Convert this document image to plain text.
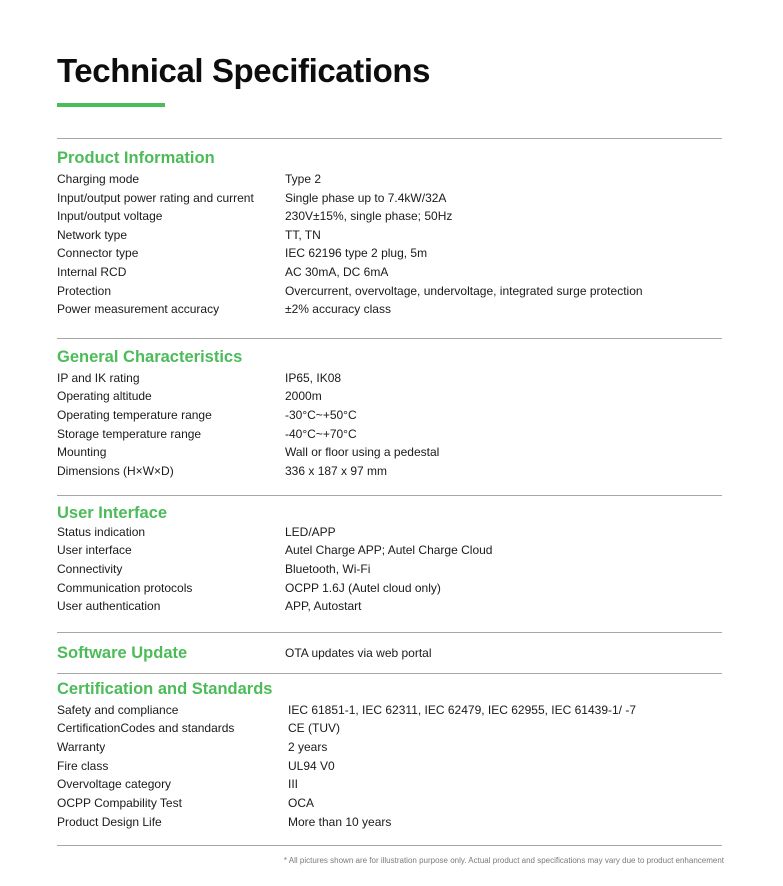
Technical Specifications
Product Information
Charging mode	Type 2
Input/output power rating and current	Single phase up to 7.4kW/32A
Input/output voltage	230V±15%, single phase; 50Hz
Network type	TT, TN
Connector type	IEC 62196 type 2 plug, 5m
Internal RCD	AC 30mA, DC 6mA
Protection	Overcurrent, overvoltage, undervoltage, integrated surge protection
Power measurement accuracy	±2% accuracy class
General Characteristics
IP and IK rating	IP65, IK08
Operating altitude	2000m
Operating temperature range	-30°C~+50°C
Storage temperature range	-40°C~+70°C
Mounting	Wall or floor using a pedestal
Dimensions (H×W×D)	336 x 187 x 97 mm
User Interface
Status indication	LED/APP
User interface	Autel Charge APP; Autel Charge Cloud
Connectivity	Bluetooth, Wi-Fi
Communication protocols	OCPP 1.6J (Autel cloud only)
User authentication	APP, Autostart
Software Update	OTA updates via web portal
Certification and Standards
Safety and compliance	IEC 61851-1, IEC 62311, IEC 62479, IEC 62955, IEC 61439-1/ -7
CertificationCodes and standards	CE (TUV)
Warranty	2 years
Fire class	UL94 V0
Overvoltage category	III
OCPP Compability Test	OCA
Product Design Life	More than 10 years
* All pictures shown are for illustration purpose only. Actual product and specifications may vary due to product enhancement
